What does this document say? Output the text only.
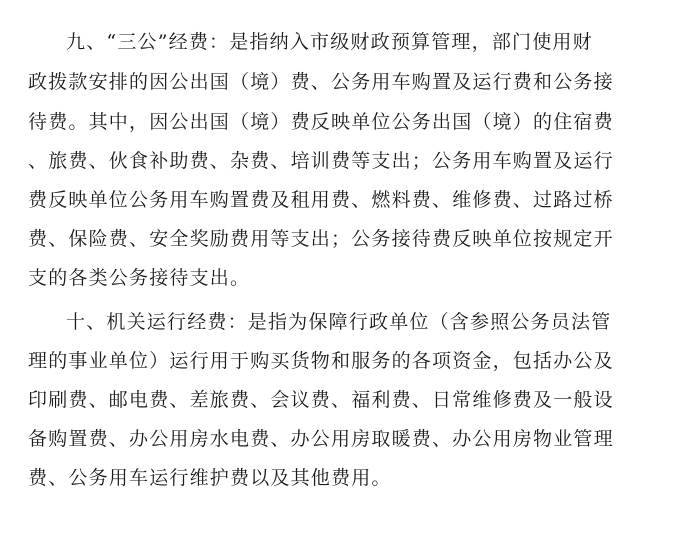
九、“三公”经费：是指纳入市级财政预算管理，部门使用财
政拨款安排的因公出国（境）费、公务用车购置及运行费和公务接
待费。其中，因公出国（境）费反映单位公务出国（境）的住宿费
、旅费、伙食补助费、杂费、培训费等支出；公务用车购置及运行
费反映单位公务用车购置费及租用费、燃料费、维修费、过路过桥
费、保险费、安全奖励费用等支出；公务接待费反映单位按规定开
支的各类公务接待支出。
十、机关运行经费：是指为保障行政单位（含参照公务员法管
理的事业单位）运行用于购买货物和服务的各项资金，包括办公及
印刷费、邮电费、差旅费、会议费、福利费、日常维修费及一般设
备购置费、办公用房水电费、办公用房取暖费、办公用房物业管理
费、公务用车运行维护费以及其他费用。
